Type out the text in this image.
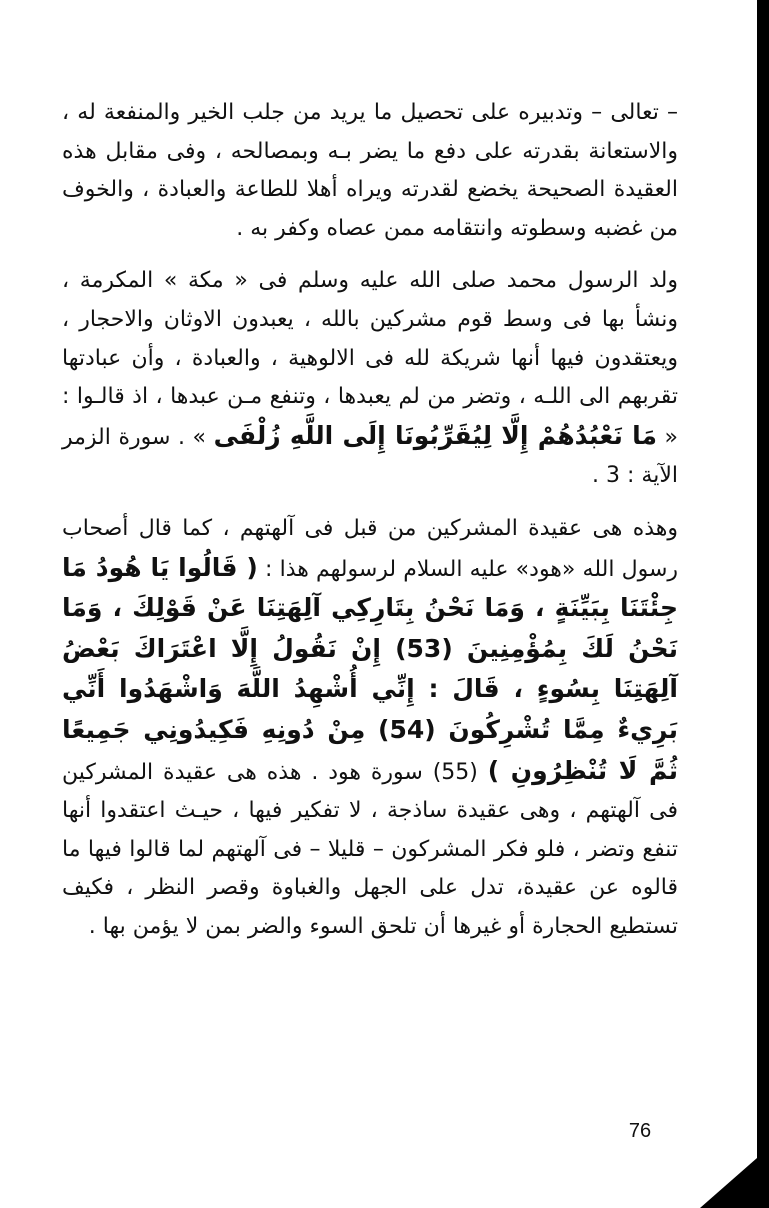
– تعالى – وتدبيره على تحصيل ما يريد من جلب الخير والمنفعة له ، والاستعانة بقدرته على دفع ما يضر بـه وبمصالحه ، وفى مقابل هذه العقيدة الصحيحة يخضع لقدرته ويراه أهلا للطاعة والعبادة ، والخوف من غضبه وسطوته وانتقامه ممن عصاه وكفر به .

ولد الرسول محمد صلى الله عليه وسلم فى « مكة » المكرمة ، ونشأ بها فى وسط قوم مشركين بالله ، يعبدون الاوثان والاحجار ، ويعتقدون فيها أنها شريكة لله فى الالوهية ، والعبادة ، وأن عبادتها تقربهم الى اللـه ، وتضر من لم يعبدها ، وتنفع مـن عبدها ، اذ قالـوا : « مَا نَعْبُدُهُمْ إِلَّا لِيُقَرِّبُونَا إِلَى اللَّهِ زُلْفَى » . سورة الزمر الآية : 3 .

وهذه هى عقيدة المشركين من قبل فى آلهتهم ، كما قال أصحاب رسول الله «هود» عليه السلام لرسولهم هذا : ( قَالُوا يَا هُودُ مَا جِئْتَنَا بِبَيِّنَةٍ ، وَمَا نَحْنُ بِتَارِكِي آلِهَتِنَا عَنْ قَوْلِكَ ، وَمَا نَحْنُ لَكَ بِمُؤْمِنِينَ (53) إِنْ نَقُولُ إِلَّا اعْتَرَاكَ بَعْضُ آلِهَتِنَا بِسُوءٍ ، قَالَ : إِنِّي أُشْهِدُ اللَّهَ وَاشْهَدُوا أَنِّي بَرِيءٌ مِمَّا تُشْرِكُونَ (54) مِنْ دُونِهِ فَكِيدُونِي جَمِيعًا ثُمَّ لَا تُنْظِرُونِ ) (55) سورة هود . هذه هى عقيدة المشركين فى آلهتهم ، وهى عقيدة ساذجة ، لا تفكير فيها ، حيـث اعتقدوا أنها تنفع وتضر ، فلو فكر المشركون – قليلا – فى آلهتهم لما قالوا فيها ما قالوه عن عقيدة، تدل على الجهل والغباوة وقصر النظر ، فكيف تستطيع الحجارة أو غيرها أن تلحق السوء والضر بمن لا يؤمن بها .

76
